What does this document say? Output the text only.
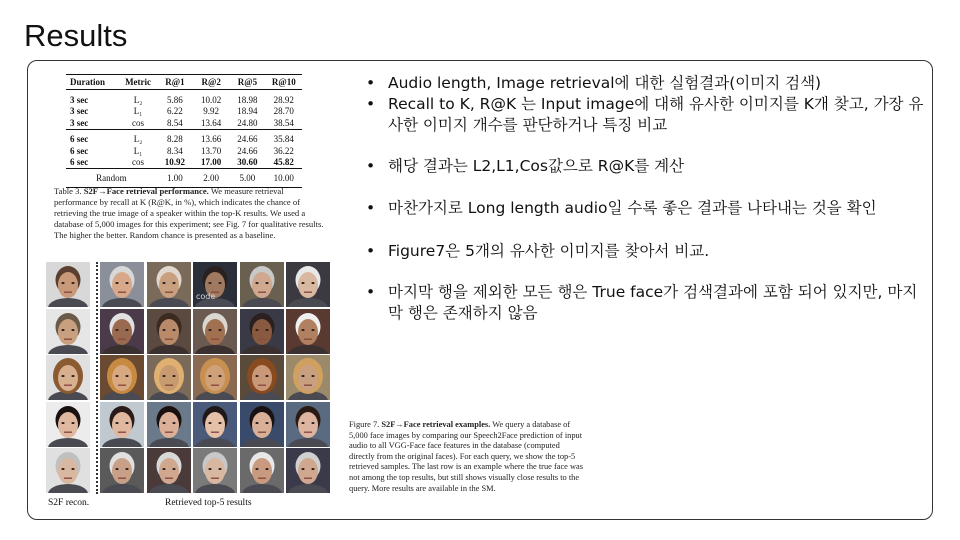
Results
Duration	Metric	R@1	R@2	R@5	R@10
3 sec	L₂	5.86	10.02	18.98	28.92
3 sec	L₁	6.22	9.92	18.94	28.70
3 sec	cos	8.54	13.64	24.80	38.54
6 sec	L₂	8.28	13.66	24.66	35.84
6 sec	L₁	8.34	13.70	24.66	36.22
6 sec	cos	10.92	17.00	30.60	45.82
Random		1.00	2.00	5.00	10.00
Table 3. S2F→Face retrieval performance. We measure retrieval performance by recall at K (R@K, in %), which indicates the chance of retrieving the true image of a speaker within the top-K results. We used a database of 5,000 images for this experiment; see Fig. 7 for qualitative results. The higher the better. Random chance is presented as a baseline.
code
S2F recon.	Retrieved top-5 results
Figure 7. S2F→Face retrieval examples. We query a database of 5,000 face images by comparing our Speech2Face prediction of input audio to all VGG-Face face features in the database (computed directly from the original faces). For each query, we show the top-5 retrieved samples. The last row is an example where the true face was not among the top results, but still shows visually close results to the query. More results are available in the SM.
• Audio length, Image retrieval에 대한 실험결과(이미지 검색)
• Recall to K, R@K 는 Input image에 대해 유사한 이미지를 K개 찾고, 가장 유사한 이미지 개수를 판단하거나 특징 비교
• 해당 결과는 L2,L1,Cos값으로 R@K를 계산
• 마찬가지로 Long length audio일 수록 좋은 결과를 나타내는 것을 확인
• Figure7은 5개의 유사한 이미지를 찾아서 비교.
• 마지막 행을 제외한 모든 행은 True face가 검색결과에 포함 되어 있지만, 마지막 행은 존재하지 않음
